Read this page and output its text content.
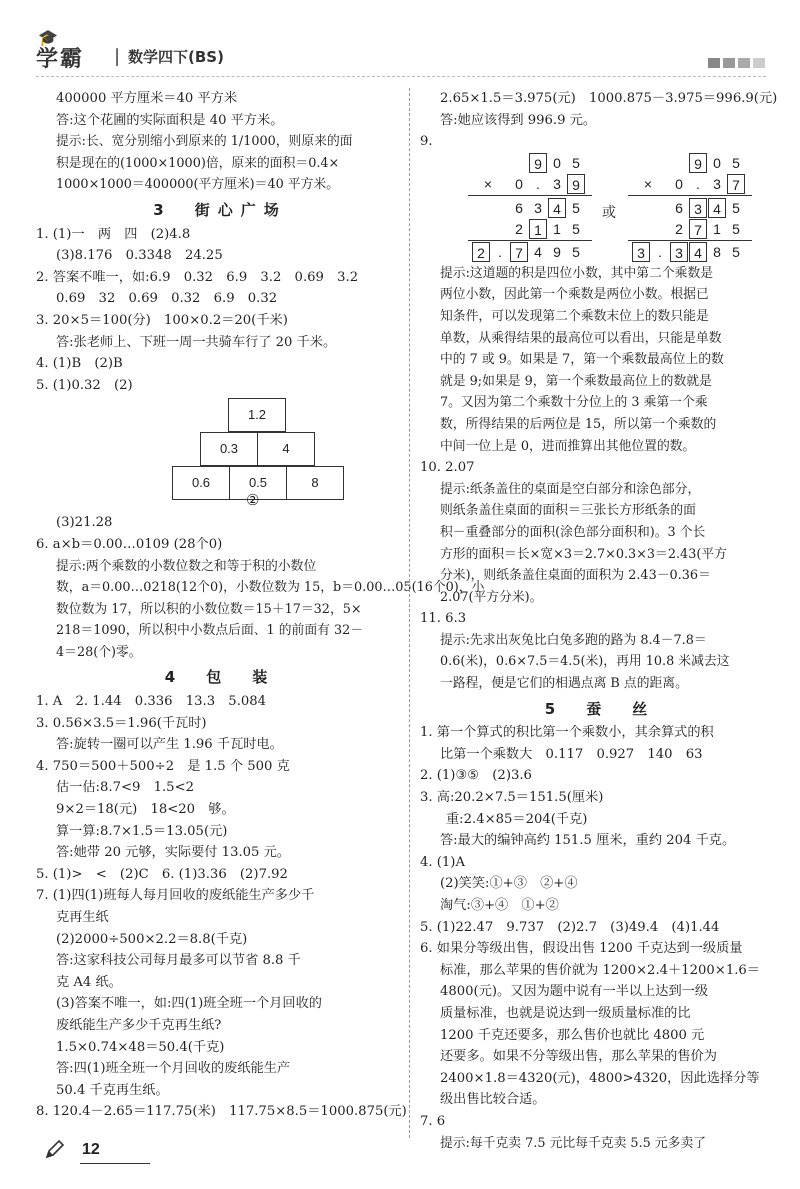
🎓
学霸 | 数学四下(BS)
400000 平方厘米＝40 平方米
答:这个花圃的实际面积是 40 平方米。
提示:长、宽分别缩小到原来的 1/1000，则原来的面
积是现在的(1000×1000)倍，原来的面积＝0.4×
1000×1000＝400000(平方厘米)＝40 平方米。
3　街心广场
1. (1)一　两　四　(2)4.8
(3)8.176　0.3348　24.25
2. 答案不唯一，如:6.9　0.32　6.9　3.2　0.69　3.2
0.69　32　0.69　0.32　6.9　0.32
3. 20×5＝100(分)　100×0.2＝20(千米)
答:张老师上、下班一周一共骑车行了 20 千米。
4. (1)B　(2)B
5. (1)0.32　(2)
1.2
0.3	4
0.6	0.5	8
②
(3)21.28
6. a×b＝0.00…0109 (28个0)
提示:两个乘数的小数位数之和等于积的小数位
数，a＝0.00…0218(12个0)，小数位数为 15，b＝0.00…05(16个0)，小
数位数为 17，所以积的小数位数＝15＋17＝32，5×
218＝1090，所以积中小数点后面、1 的前面有 32－
4＝28(个)零。
4　包　装
1. A　2. 1.44　0.336　13.3　5.084
3. 0.56×3.5＝1.96(千瓦时)
答:旋转一圈可以产生 1.96 千瓦时电。
4. 750＝500＋500÷2　是 1.5 个 500 克
估一估:8.7<9　1.5<2
9×2＝18(元)　18<20　够。
算一算:8.7×1.5＝13.05(元)
答:她带 20 元够，实际要付 13.05 元。
5. (1)>　<　(2)C　6. (1)3.36　(2)7.92
7. (1)四(1)班每人每月回收的废纸能生产多少千
克再生纸
(2)2000÷500×2.2＝8.8(千克)
答:这家科技公司每月最多可以节省 8.8 千
克 A4 纸。
(3)答案不唯一，如:四(1)班全班一个月回收的
废纸能生产多少千克再生纸?
1.5×0.74×48＝50.4(千克)
答:四(1)班全班一个月回收的废纸能生产
50.4 千克再生纸。
8. 120.4－2.65＝117.75(米)　117.75×8.5＝1000.875(元)
2.65×1.5＝3.975(元)　1000.875－3.975＝996.9(元)
答:她应该得到 996.9 元。
9.
9 0 5
×	0 . 3 9
6 3 4 5
2 1 1 5
2 . 7 4 9 5
9 0 5
×	0 . 3 7
6 3 4 5
2 7 1 5
3 . 3 4 8 5
或
提示:这道题的积是四位小数，其中第二个乘数是
两位小数，因此第一个乘数是两位小数。根据已
知条件，可以发现第二个乘数末位上的数只能是
单数，从乘得结果的最高位可以看出，只能是单数
中的 7 或 9。如果是 7，第一个乘数最高位上的数
就是 9;如果是 9，第一个乘数最高位上的数就是
7。又因为第二个乘数十分位上的 3 乘第一个乘
数，所得结果的后两位是 15，所以第一个乘数的
中间一位上是 0，进而推算出其他位置的数。
10. 2.07
提示:纸条盖住的桌面是空白部分和涂色部分，
则纸条盖住桌面的面积＝三张长方形纸条的面
积－重叠部分的面积(涂色部分面积和)。3 个长
方形的面积＝长×宽×3＝2.7×0.3×3＝2.43(平方
分米)，则纸条盖住桌面的面积为 2.43－0.36＝
2.07(平方分米)。
11. 6.3
提示:先求出灰兔比白兔多跑的路为 8.4－7.8＝
0.6(米)，0.6×7.5＝4.5(米)，再用 10.8 米减去这
一路程，便是它们的相遇点离 B 点的距离。
5　蚕　丝
1. 第一个算式的积比第一个乘数小，其余算式的积
比第一个乘数大　0.117　0.927　140　63
2. (1)③⑤　(2)3.6
3. 高:20.2×7.5＝151.5(厘米)
重:2.4×85＝204(千克)
答:最大的编钟高约 151.5 厘米，重约 204 千克。
4. (1)A
(2)笑笑:①+③　②+④
淘气:③+④　①+②
5. (1)22.47　9.737　(2)2.7　(3)49.4　(4)1.44
6. 如果分等级出售，假设出售 1200 千克达到一级质量
标准，那么苹果的售价就为 1200×2.4＋1200×1.6＝
4800(元)。又因为题中说有一半以上达到一级
质量标准，也就是说达到一级质量标准的比
1200 千克还要多，那么售价也就比 4800 元
还要多。如果不分等级出售，那么苹果的售价为
2400×1.8＝4320(元)，4800>4320，因此选择分等
级出售比较合适。
7. 6
提示:每千克卖 7.5 元比每千克卖 5.5 元多卖了
12
